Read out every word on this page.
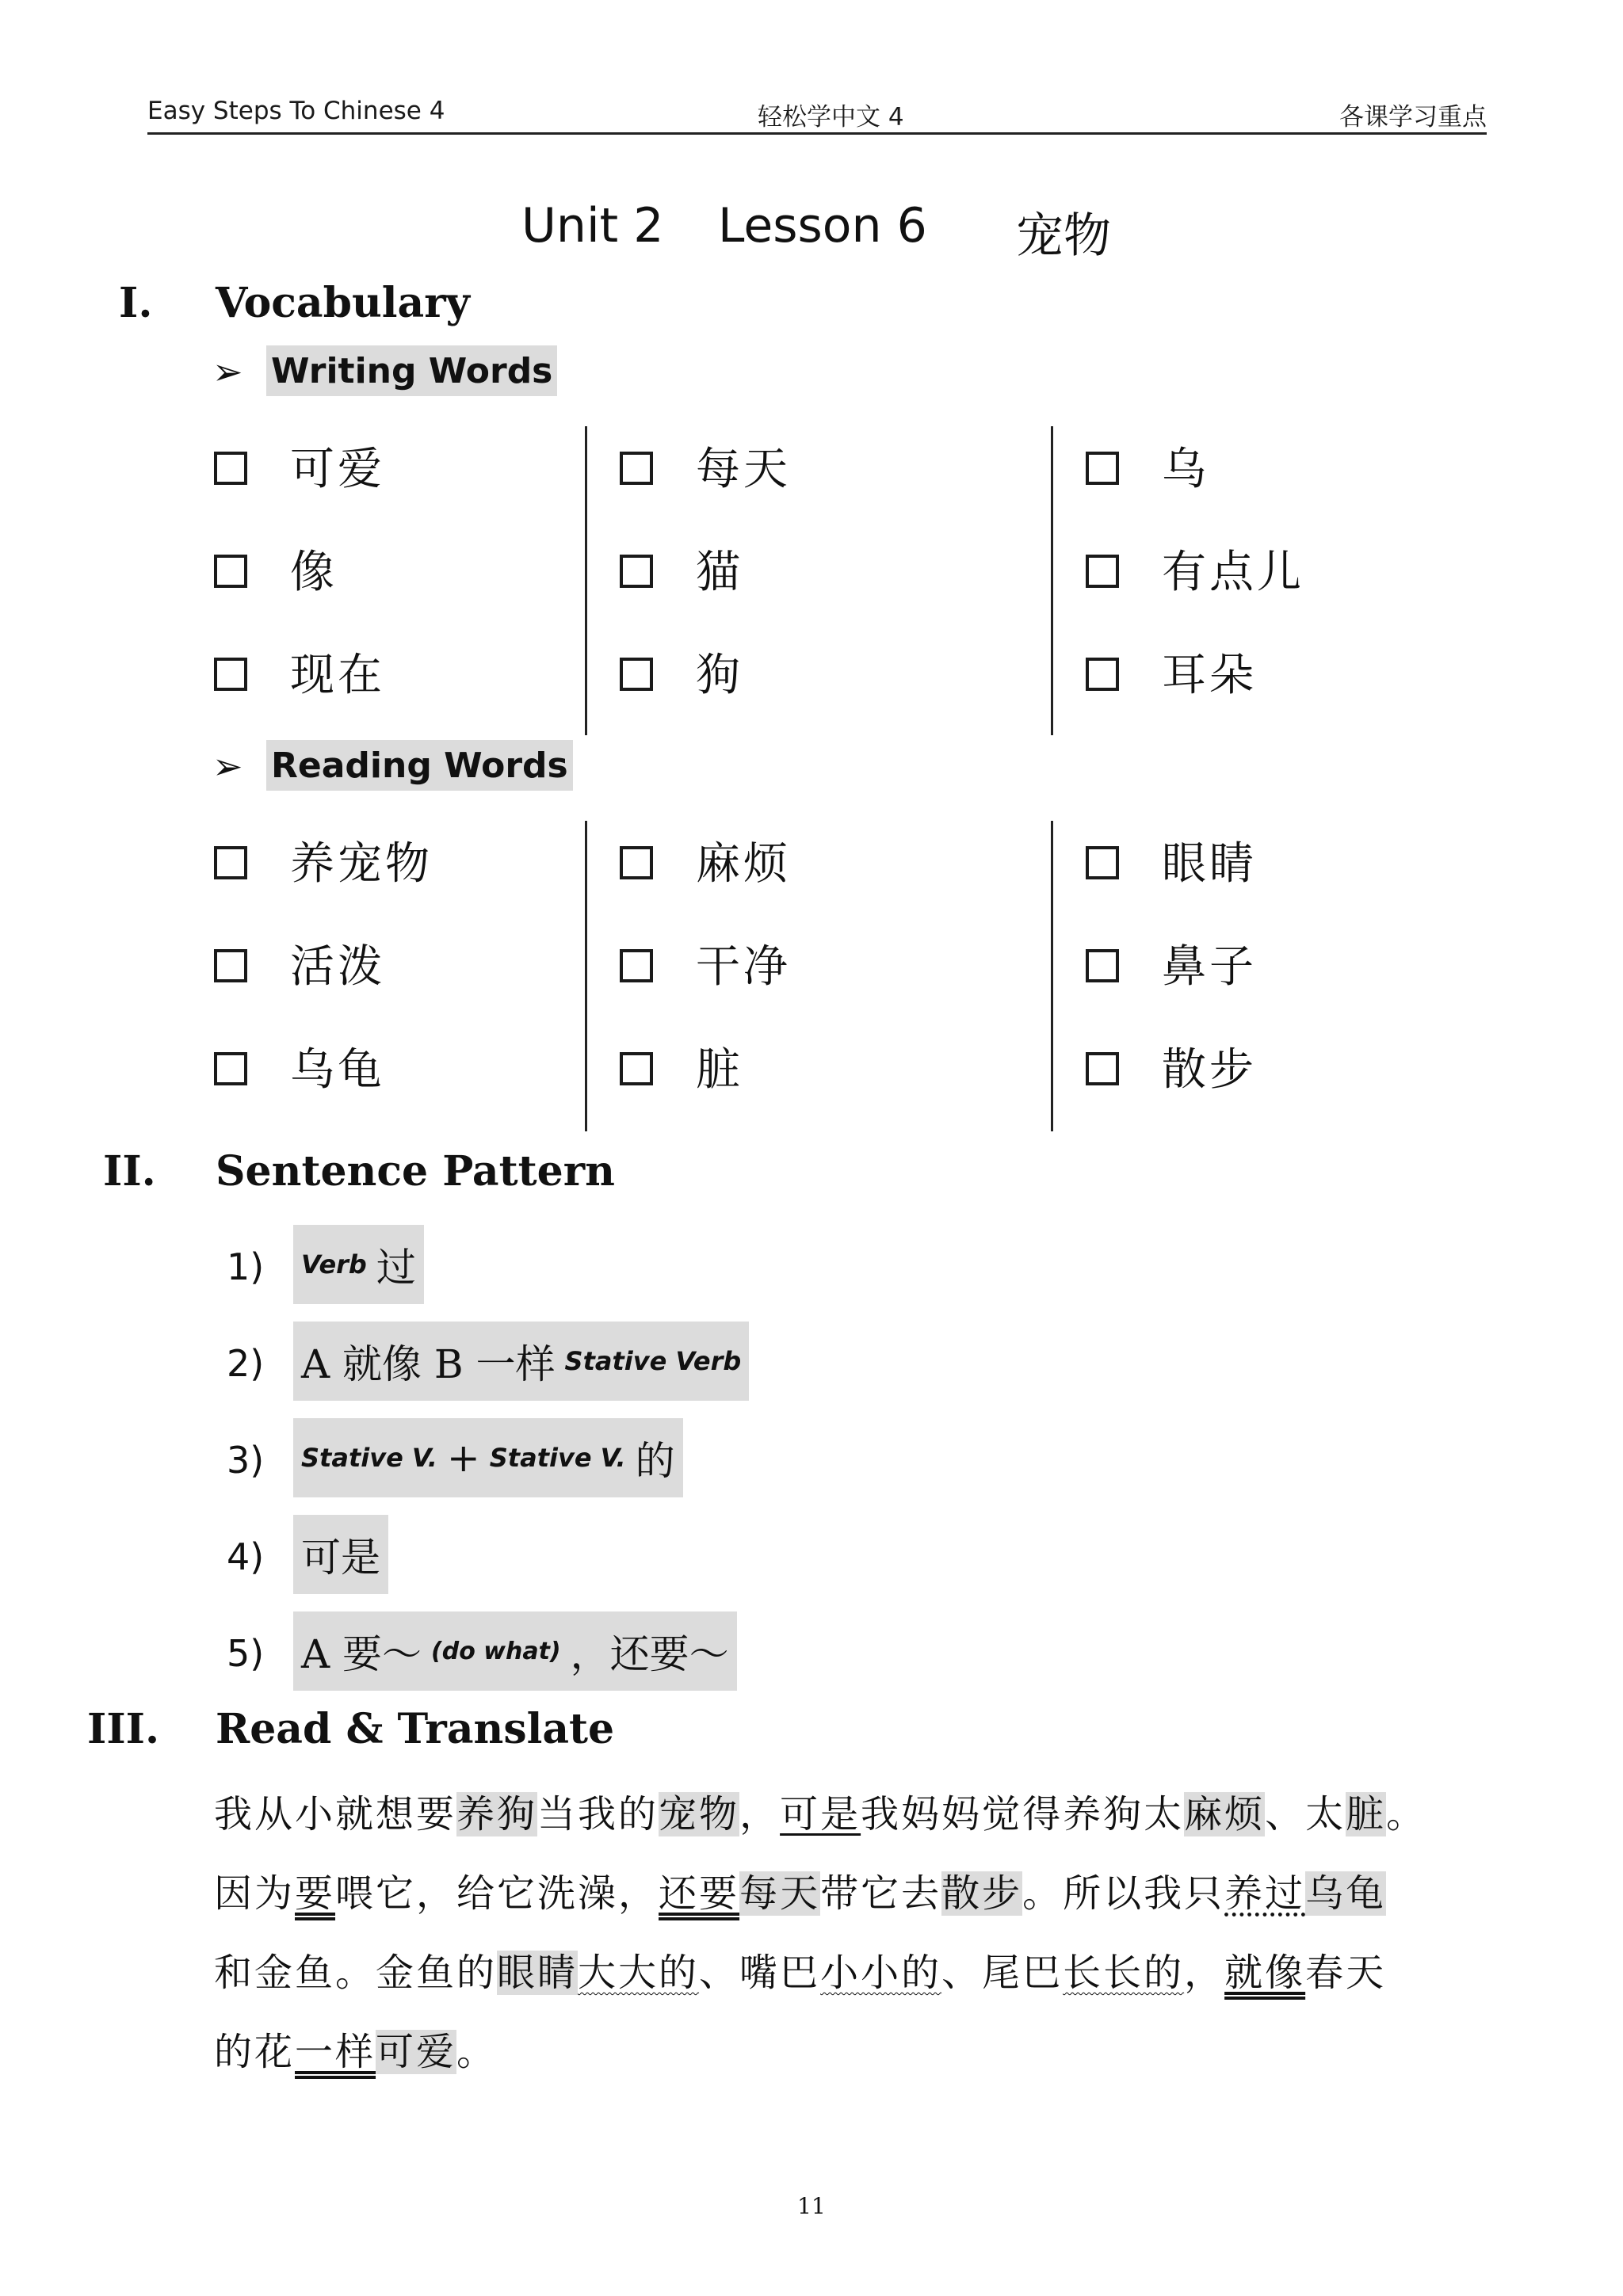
Easy Steps To Chinese 4	轻松学中文 4	各课学习重点
Unit 2 Lesson 6 宠物
I. Vocabulary
➢ Writing Words
可爱
像
现在
每天
猫
狗
乌
有点儿
耳朵
➢ Reading Words
养宠物
活泼
乌龟
麻烦
干净
脏
眼睛
鼻子
散步
II. Sentence Pattern
1) Verb 过
2) A 就像 B 一样 Stative Verb
3) Stative V. + Stative V. 的
4) 可是
5) A 要～ (do what) ，还要～
III. Read & Translate
我从小就想要养狗当我的宠物，可是我妈妈觉得养狗太麻烦、太脏。
因为要喂它，给它洗澡，还要每天带它去散步。所以我只养过乌龟
和金鱼。金鱼的眼睛大大的、嘴巴小小的、尾巴长长的，就像春天
的花一样可爱。
11
